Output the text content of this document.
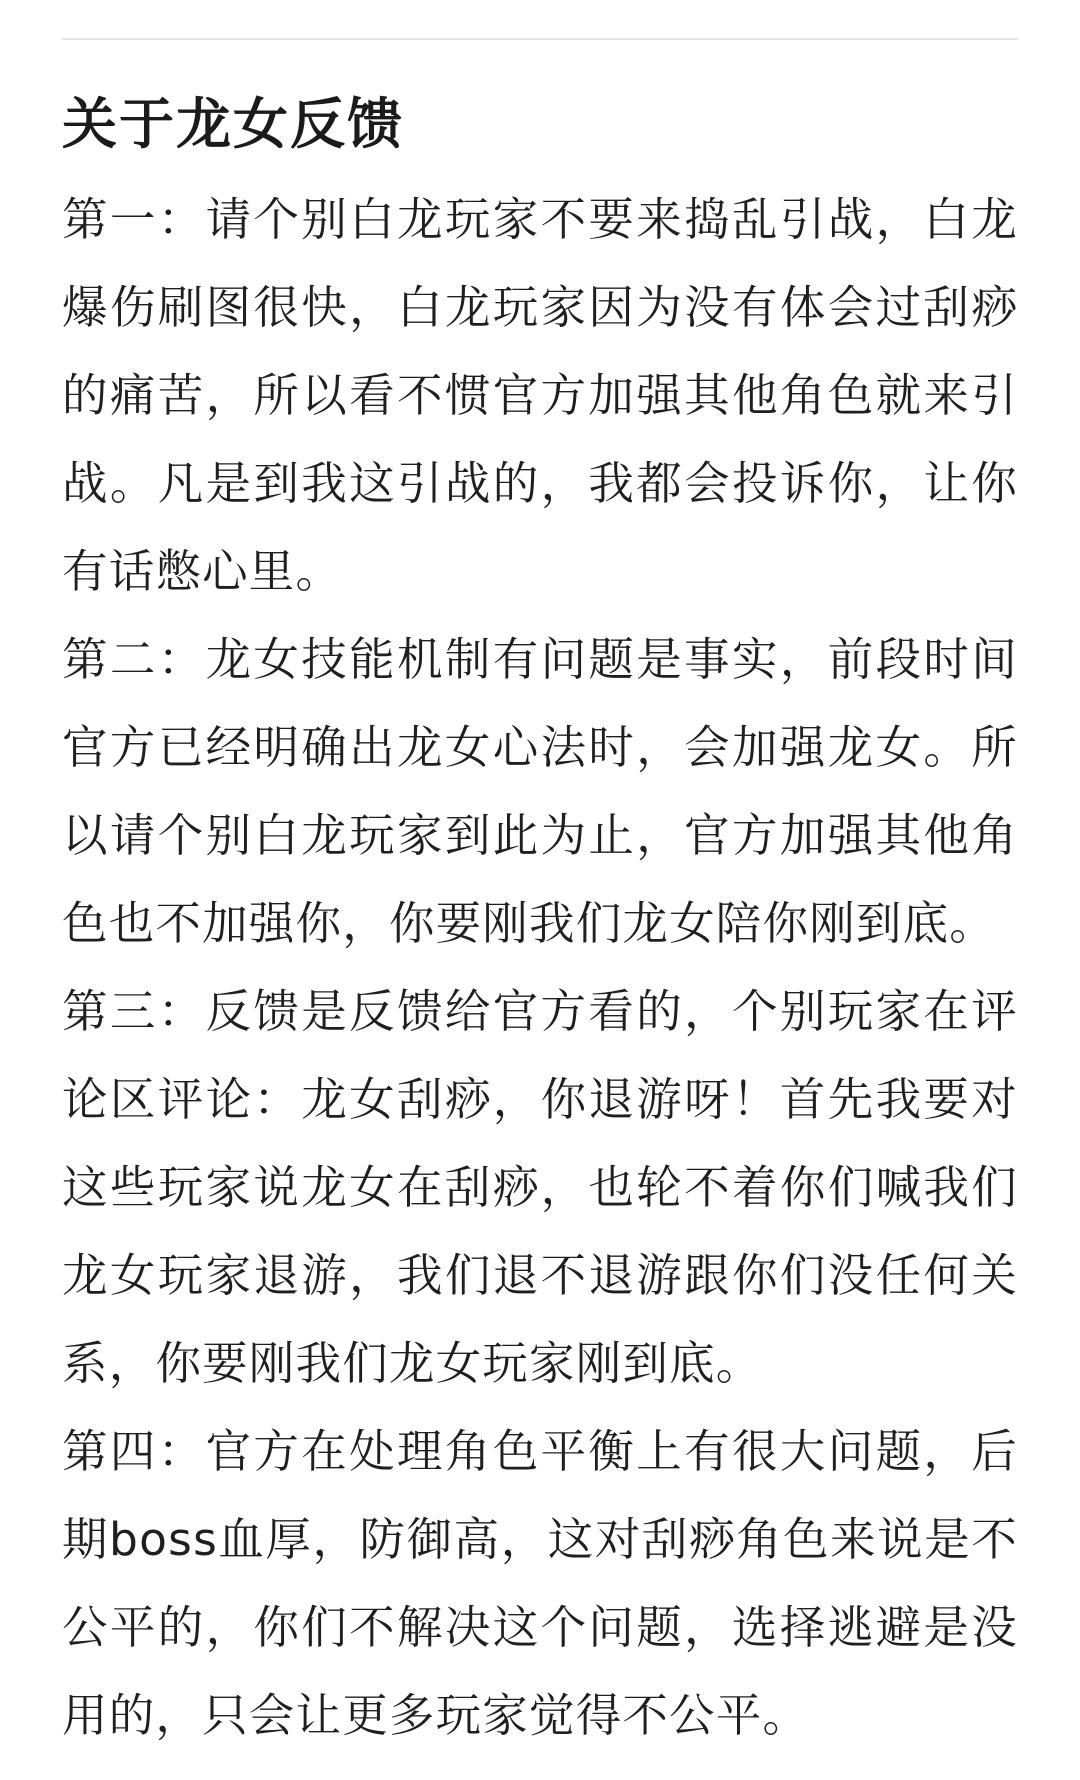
关于龙女反馈

第一：请个别白龙玩家不要来捣乱引战，白龙爆伤刷图很快，白龙玩家因为没有体会过刮痧的痛苦，所以看不惯官方加强其他角色就来引战。凡是到我这引战的，我都会投诉你，让你有话憋心里。

第二：龙女技能机制有问题是事实，前段时间官方已经明确出龙女心法时，会加强龙女。所以请个别白龙玩家到此为止，官方加强其他角色也不加强你，你要刚我们龙女陪你刚到底。

第三：反馈是反馈给官方看的，个别玩家在评论区评论：龙女刮痧，你退游呀！首先我要对这些玩家说龙女在刮痧，也轮不着你们喊我们龙女玩家退游，我们退不退游跟你们没任何关系，你要刚我们龙女玩家刚到底。

第四：官方在处理角色平衡上有很大问题，后期boss血厚，防御高，这对刮痧角色来说是不公平的，你们不解决这个问题，选择逃避是没用的，只会让更多玩家觉得不公平。
